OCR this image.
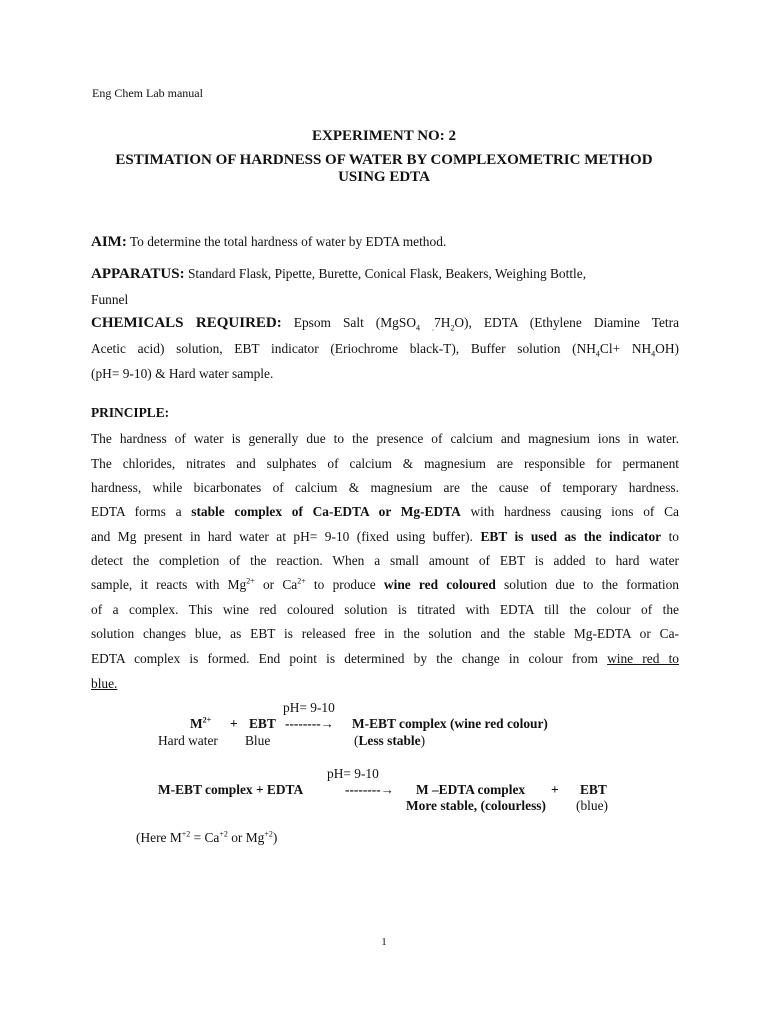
Eng Chem Lab manual
EXPERIMENT NO: 2
ESTIMATION OF HARDNESS OF WATER BY COMPLEXOMETRIC METHOD
USING EDTA
AIM: To determine the total hardness of water by EDTA method.
APPARATUS: Standard Flask, Pipette, Burette, Conical Flask, Beakers, Weighing Bottle,
Funnel
CHEMICALS REQUIRED: Epsom Salt (MgSO$_4$ $_.7H_2O$), EDTA (Ethylene Diamine Tetra
Acetic acid) solution, EBT indicator (Eriochrome black-T), Buffer solution $(NH_4Cl+ NH_4OH)$
(pH= 9-10) & Hard water sample.
PRINCIPLE:
The hardness of water is generally due to the presence of calcium and magnesium ions in water.
The chlorides, nitrates and sulphates of calcium & magnesium are responsible for permanent
hardness, while bicarbonates of calcium & magnesium are the cause of temporary hardness.
EDTA forms a stable complex of Ca-EDTA or Mg-EDTA with hardness causing ions of Ca
and Mg present in hard water at pH= 9-10 (fixed using buffer). EBT is used as the indicator to
detect the completion of the reaction. When a small amount of EBT is added to hard water
sample, it reacts with $Mg^{2+}$ or $Ca^{2+}$ to produce wine red coloured solution due to the formation
of a complex. This wine red coloured solution is titrated with EDTA till the colour of the
solution changes blue, as EBT is released free in the solution and the stable Mg-EDTA or Ca-
EDTA complex is formed. End point is determined by the change in colour from wine red to
blue.
pH= 9-10
$M^{2+}$ + EBT --------→ M-EBT complex (wine red colour)
Hard water Blue	(Less stable)
pH= 9-10
M-EBT complex + EDTA	--------→ M –EDTA complex + EBT
More stable, (colourless) (blue)
(Here $M^{+2} = Ca^{+2}$ or $Mg^{+2}$)
1
